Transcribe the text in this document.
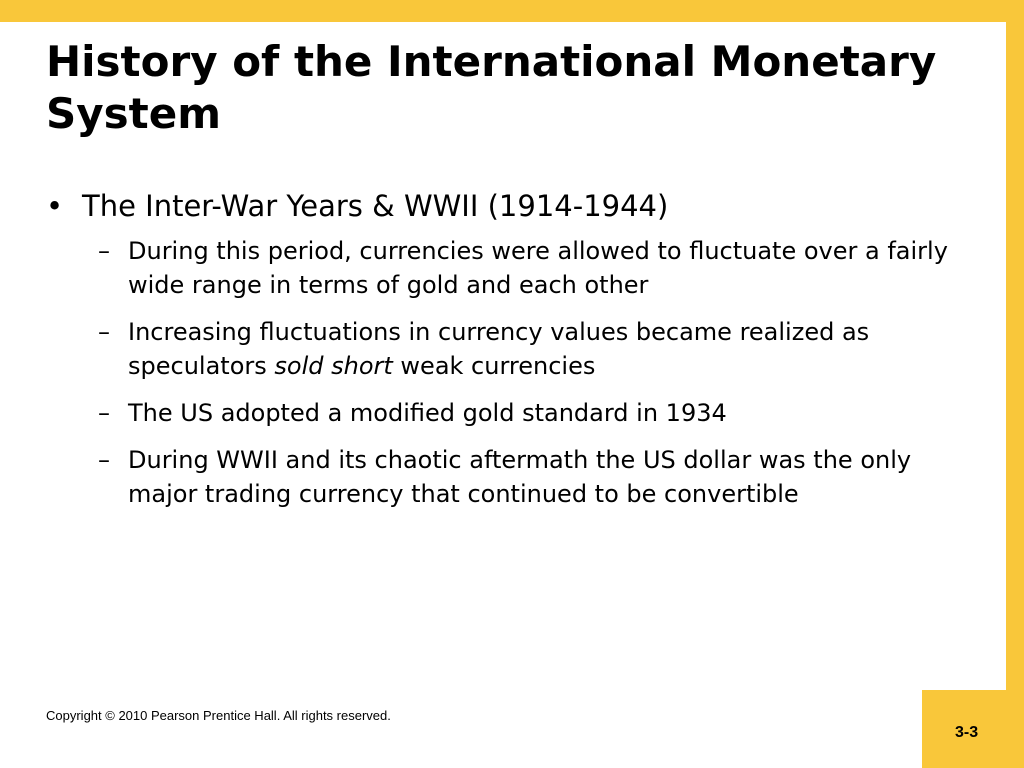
History of the International Monetary System
• The Inter-War Years & WWII (1914-1944)
– During this period, currencies were allowed to fluctuate over a fairly wide range in terms of gold and each other
– Increasing fluctuations in currency values became realized as speculators sold short weak currencies
– The US adopted a modified gold standard in 1934
– During WWII and its chaotic aftermath the US dollar was the only major trading currency that continued to be convertible
Copyright © 2010 Pearson Prentice Hall. All rights reserved.
3-3
